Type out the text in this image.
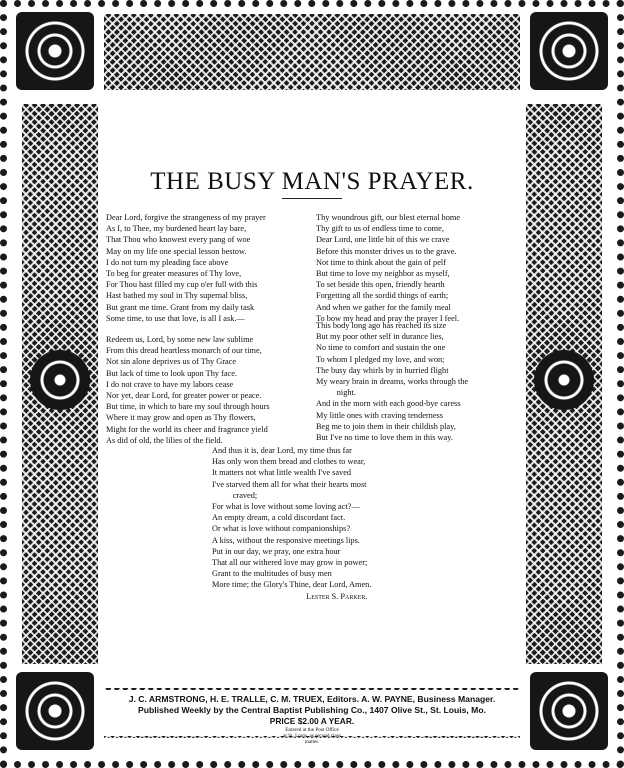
THE BUSY MAN'S PRAYER.
Dear Lord, forgive the strangeness of my prayer
As I, to Thee, my burdened heart lay bare,
That Thou who knowest every pang of woe
May on my life one special lesson bestow.
I do not turn my pleading face above
To beg for greater measures of Thy love,
For Thou hast filled my cup o'er full with this
Hast bathed my soul in Thy supernal bliss,
But grant me time. Grant from my daily task
Some time, to use that love, is all I ask.—
Thy woundrous gift, our blest eternal home
Thy gift to us of endless time to come,
Dear Lord, one little bit of this we crave
Before this monster drives us to the grave.
Not time to think about the gain of pelf
But time to love my neighbor as myself,
To set beside this open, friendly hearth
Forgetting all the sordid things of earth;
And when we gather for the family meal
To bow my head and pray the prayer I feel.
Redeem us, Lord, by some new law sublime
From this dread heartless monarch of our time,
Not sin alone deprives us of Thy Grace
But lack of time to look upon Thy face.
I do not crave to have my labors cease
Nor yet, dear Lord, for greater power or peace.
But time, in which to bare my soul through hours
Where it may grow and open as Thy flowers,
Might for the world its cheer and fragrance yield
As did of old, the lilies of the field.
This body long ago has reached its size
But my poor other self in durance lies,
No time to comfort and sustain the one
To whom I pledged my love, and won;
The busy day whirls by in hurried flight
My weary brain in dreams, works through the
night.
And in the morn with each good-bye caress
My little ones with craving tenderness
Beg me to join them in their childish play,
But I've no time to love them in this way.
And thus it is, dear Lord, my time thus far
Has only won them bread and clothes to wear,
It matters not what little wealth I've saved
I've starved them all for what their hearts most
craved;
For what is love without some loving act?—
An empty dream, a cold discordant fact.
Or what is love without companionships?
A kiss, without the responsive meetings lips.
Put in our day, we pray, one extra hour
That all our withered love may grow in power;
Grant to the multitudes of busy men
More time; the Glory's Thine, dear Lord, Amen.
Lester S. Parker.
J. C. ARMSTRONG, H. E. TRALLE, C. M. TRUEX, Editors. A. W. PAYNE, Business Manager.
Published Weekly by the Central Baptist Publishing Co., 1407 Olive St., St. Louis, Mo.
PRICE $2.00 A YEAR.
Entered at the Post Office
at St. Louis, as second class
matter.
